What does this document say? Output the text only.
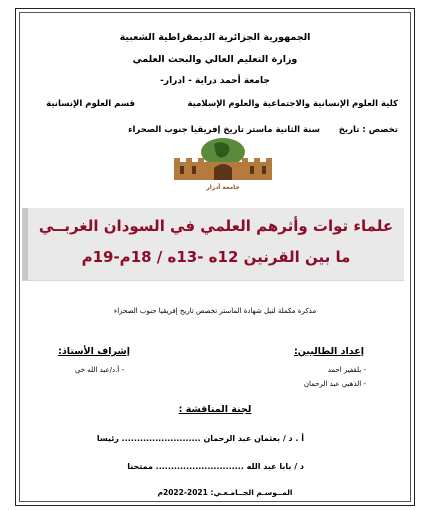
الجمهورية الجزائرية الديمقراطية الشعبية
وزارة التعليم العالي والبحث العلمي
جامعة أحمد دراية - ادرار-
كلية العلوم الإنسانية والاجتماعية والعلوم الإسلامية
قسم العلوم الإنسانية
تخصص : تاريخ
سنة الثانية ماستر تاريخ إفريقيا جنوب الصحراء
جامعة أدرار
علماء توات وأثرهم العلمي في السودان الغربــي
ما بين القرنين 12ه -13ه / 18م-19م
مذكرة مكملة لنيل شهادة الماستر تخصص تاريخ إفريقيا جنوب الصحراء
إعداد الطالبين:
- بلقفير احمد
- الذهبي عبد الرحمان
إشراف الأستاذ:
- أ.د/عبد الله خي
لجنة المناقشة :
أ . د / بعثمان عبد الرحمان .......................... رئيسا
د / بابا عبد الله ............................. ممتحنا
المــوسـم الجــامـعـي: 2021-2022م
